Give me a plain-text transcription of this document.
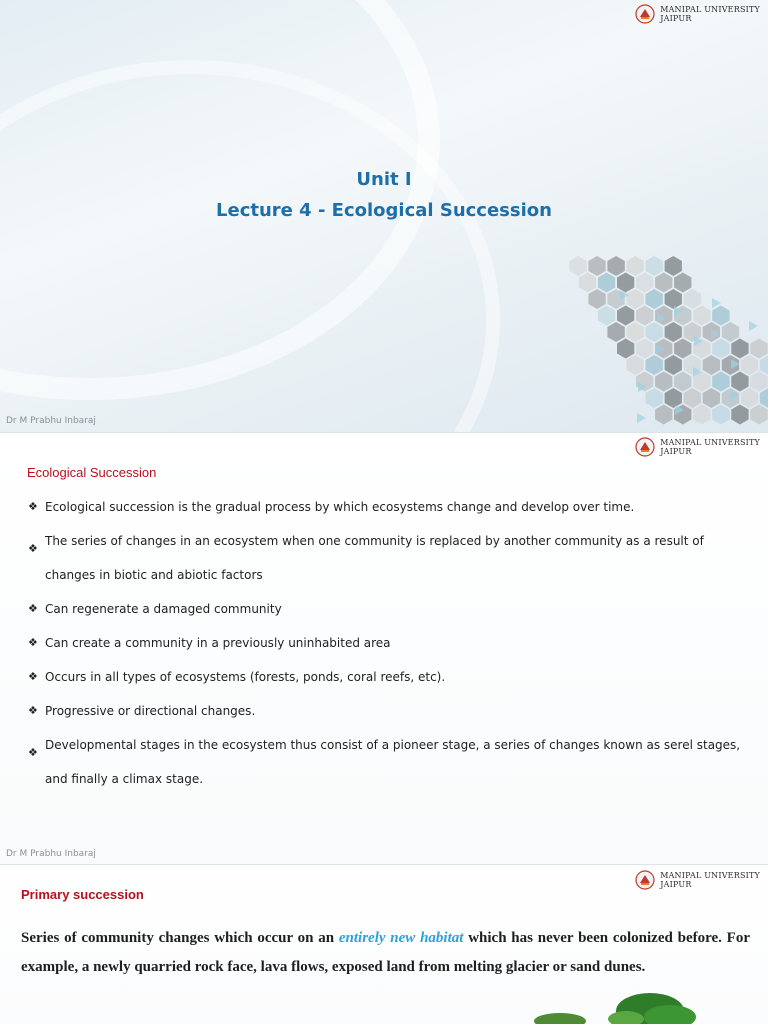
MANIPAL UNIVERSITY
JAIPUR
Unit I
Lecture 4 - Ecological Succession
Dr M Prabhu Inbaraj
MANIPAL UNIVERSITY
JAIPUR
Dr M Prabhu Inbaraj
Ecological Succession
❖ Ecological succession is the gradual process by which ecosystems change and develop over time.
❖
The series of changes in an ecosystem when one community is replaced by another community as a result of changes in biotic and abiotic factors
❖ Can regenerate a damaged community
❖ Can create a community in a previously uninhabited area
❖ Occurs in all types of ecosystems (forests, ponds, coral reefs, etc).
❖ Progressive or directional changes.
❖
Developmental stages in the ecosystem thus consist of a pioneer stage, a series of changes known as serel stages, and finally a climax stage.
MANIPAL UNIVERSITY
JAIPUR
Primary succession

Series of community changes which occur on an entirely new habitat which has never been colonized before. For example, a newly quarried rock face, lava flows, exposed land from melting glacier or sand dunes.
